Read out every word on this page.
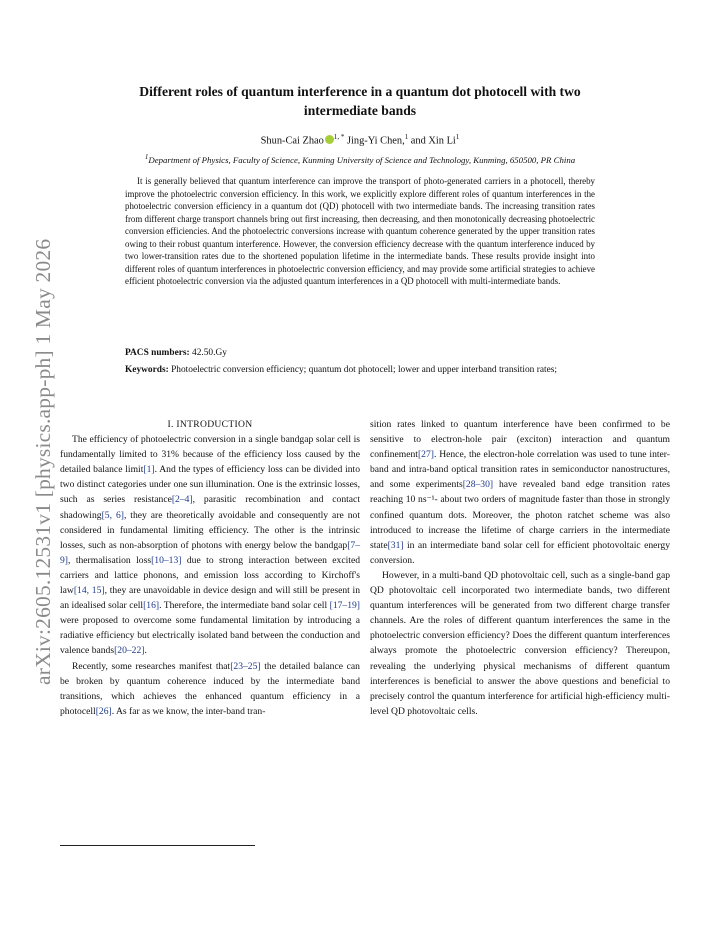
arXiv:2605.12531v1 [physics.app-ph] 1 May 2026
Different roles of quantum interference in a quantum dot photocell with two
intermediate bands
Shun-Cai Zhao $^{1, *}$ Jing-Yi Chen,$^1$ and Xin Li$^1$
$^1$Department of Physics, Faculty of Science, Kunming University of Science and Technology, Kunming, 650500, PR China

It is generally believed that quantum interference can improve the transport of photo-generated carriers in a photocell, thereby improve the photoelectric conversion efficiency. In this work, we explicitly explore different roles of quantum interferences in the photoelectric conversion efficiency in a quantum dot (QD) photocell with two intermediate bands. The increasing transition rates from different charge transport channels bring out first increasing, then decreasing, and then monotonically decreasing photoelectric conversion efficiencies. And the photoelectric conversions increase with quantum coherence generated by the upper transition rates owing to their robust quantum interference. However, the conversion efficiency decrease with the quantum interference induced by two lower-transition rates due to the shortened population lifetime in the intermediate bands. These results provide insight into different roles of quantum interferences in photoelectric conversion efficiency, and may provide some artificial strategies to achieve efficient photoelectric conversion via the adjusted quantum interferences in a QD photocell with multi-intermediate bands.

PACS numbers: 42.50.Gy
Keywords: Photoelectric conversion efficiency; quantum dot photocell; lower and upper interband transition rates;

I. INTRODUCTION

The efficiency of photoelectric conversion in a single bandgap solar cell is fundamentally limited to 31% because of the efficiency loss caused by the detailed balance limit[1]. And the types of efficiency loss can be divided into two distinct categories under one sun illumination. One is the extrinsic losses, such as series resistance[2–4], parasitic recombination and contact shadowing[5, 6], they are theoretically avoidable and consequently are not considered in fundamental limiting efficiency. The other is the intrinsic losses, such as non-absorption of photons with energy below the bandgap[7–9], thermalisation loss[10–13] due to strong interaction between excited carriers and lattice phonons, and emission loss according to Kirchoff's law[14, 15], they are unavoidable in device design and will still be present in an idealised solar cell[16]. Therefore, the intermediate band solar cell [17–19] were proposed to overcome some fundamental limitation by introducing a radiative efficiency but electrically isolated band between the conduction and valence bands[20–22].

Recently, some researches manifest that[23–25] the detailed balance can be broken by quantum coherence induced by the intermediate band transitions, which achieves the enhanced quantum efficiency in a photocell[26]. As far as we know, the inter-band tran-

sition rates linked to quantum interference have been confirmed to be sensitive to electron-hole pair (exciton) interaction and quantum confinement[27]. Hence, the electron-hole correlation was used to tune inter-band and intra-band optical transition rates in semiconductor nanostructures, and some experiments[28–30] have revealed band edge transition rates reaching 10 ns⁻¹- about two orders of magnitude faster than those in strongly confined quantum dots. Moreover, the photon ratchet scheme was also introduced to increase the lifetime of charge carriers in the intermediate state[31] in an intermediate band solar cell for efficient photovoltaic energy conversion.

However, in a multi-band QD photovoltaic cell, such as a single-band gap QD photovoltaic cell incorporated two intermediate bands, two different quantum interferences will be generated from two different charge transfer channels. Are the roles of different quantum interferences the same in the photoelectric conversion efficiency? Does the different quantum interferences always promote the photoelectric conversion efficiency? Thereupon, revealing the underlying physical mechanisms of different quantum interferences is beneficial to answer the above questions and beneficial to precisely control the quantum interference for artificial high-efficiency multi-level QD photovoltaic cells.
